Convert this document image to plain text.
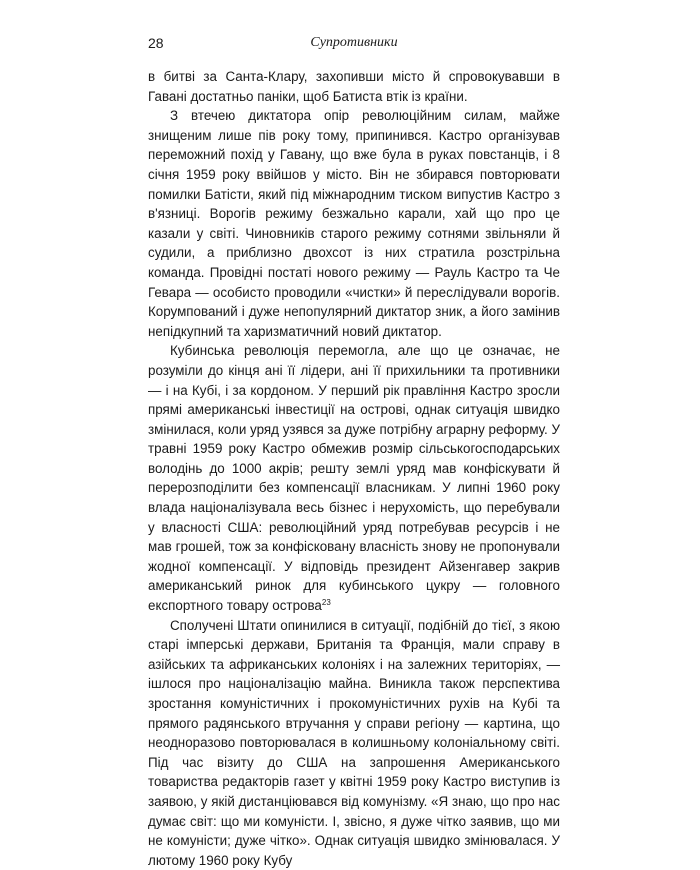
28	Супротивники

в битві за Санта-Клару, захопивши місто й спровокувавши в Гавані достатньо паніки, щоб Батиста втік із країни.

З втечею диктатора опір революційним силам, майже знищеним лише пів року тому, припинився. Кастро організував переможний похід у Гавану, що вже була в руках повстанців, і 8 січня 1959 року ввійшов у місто. Він не збирався повторювати помилки Батісти, який під міжнародним тиском випустив Кастро з в'язниці. Ворогів режиму безжально карали, хай що про це казали у світі. Чиновників старого режиму сотнями звільняли й судили, а приблизно двохсот із них стратила розстрільна команда. Провідні постаті нового режиму — Рауль Кастро та Че Гевара — особисто проводили «чистки» й переслідували ворогів. Корумпований і дуже непопулярний диктатор зник, а його замінив непідкупний та харизматичний новий диктатор.

Кубинська революція перемогла, але що це означає, не розуміли до кінця ані її лідери, ані її прихильники та противники — і на Кубі, і за кордоном. У перший рік правління Кастро зросли прямі американські інвестиції на острові, однак ситуація швидко змінилася, коли уряд узявся за дуже потрібну аграрну реформу. У травні 1959 року Кастро обмежив розмір сільськогосподарських володінь до 1000 акрів; решту землі уряд мав конфіскувати й перерозподілити без компенсації власникам. У липні 1960 року влада націоналізувала весь бізнес і нерухомість, що перебували у власності США: революційний уряд потребував ресурсів і не мав грошей, тож за конфісковану власність знову не пропонували жодної компенсації. У відповідь президент Айзенгавер закрив американський ринок для кубинського цукру — головного експортного товару острова$^{23}$

Сполучені Штати опинилися в ситуації, подібній до тієї, з якою старі імперські держави, Британія та Франція, мали справу в азійських та африканських колоніях і на залежних територіях, — ішлося про націоналізацію майна. Виникла також перспектива зростання комуністичних і прокомуністичних рухів на Кубі та прямого радянського втручання у справи регіону — картина, що неодноразово повторювалася в колишньому колоніальному світі. Під час візиту до США на запрошення Американського товариства редакторів газет у квітні 1959 року Кастро виступив із заявою, у якій дистанціювався від комунізму. «Я знаю, що про нас думає світ: що ми комуністи. І, звісно, я дуже чітко заявив, що ми не комуністи; дуже чітко». Однак ситуація швидко змінювалася. У лютому 1960 року Кубу
